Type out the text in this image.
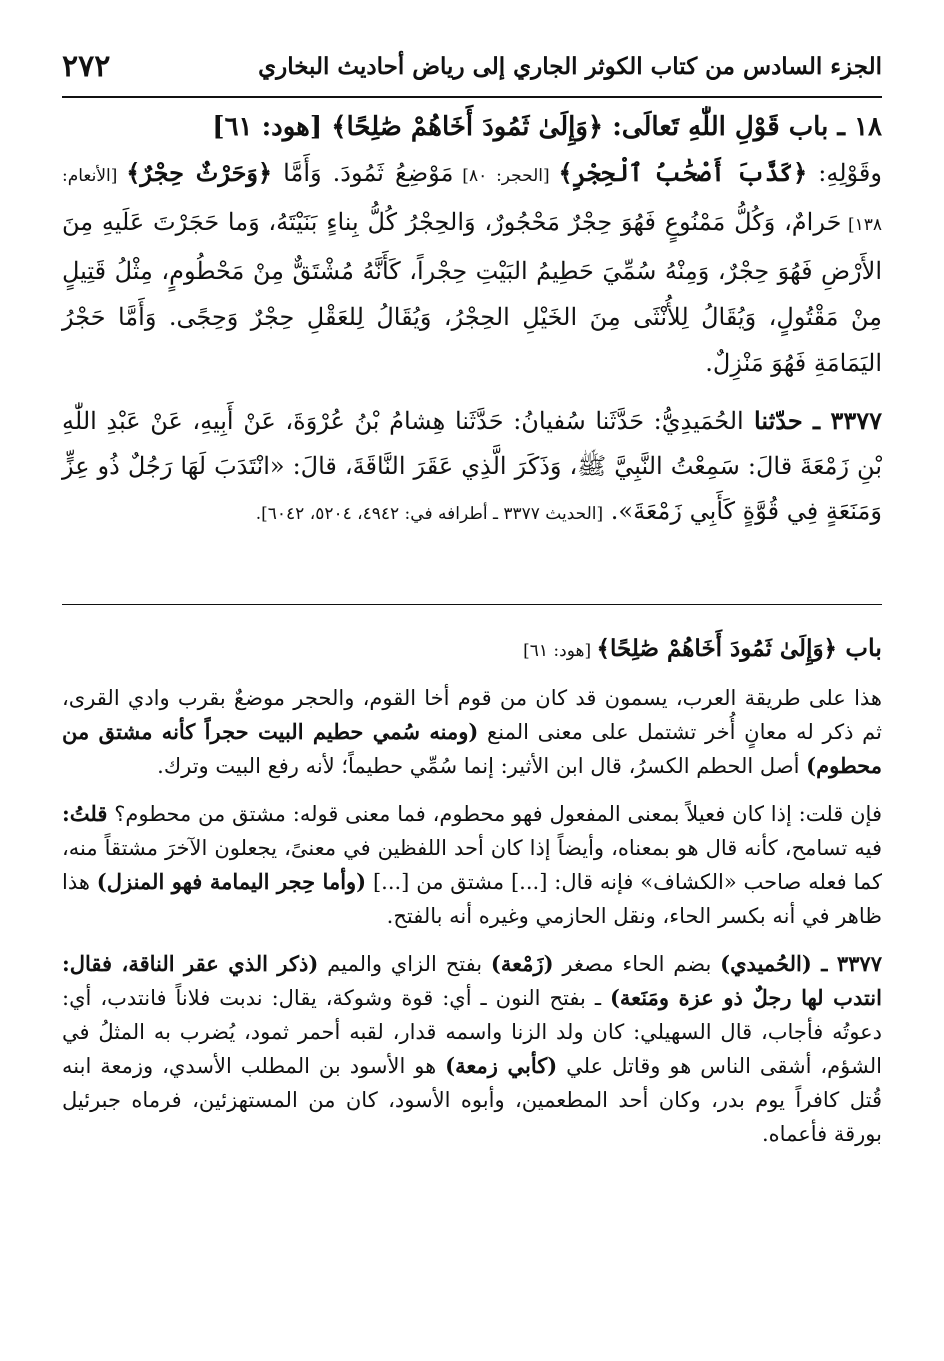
الجزء السادس من كتاب الكوثر الجاري إلى رياض أحاديث البخاري
٢٧٢

١٨ ـ باب قَوْلِ اللّٰهِ تَعالَى: ﴿وَإِلَىٰ ثَمُودَ أَخَاهُمْ صَٰلِحًا﴾ [هود: ٦١]

وقَوْلِهِ: ﴿كَذَّبَ أَصْحَٰبُ ٱلْحِجْرِ﴾ [الحجر: ٨٠] مَوْضِعُ ثَمُودَ. وَأَمَّا ﴿وَحَرْثٌ حِجْرٌ﴾ [الأنعام: ١٣٨] حَرامٌ، وَكُلُّ مَمْنُوعٍ فَهُوَ حِجْرٌ مَحْجُورٌ، وَالحِجْرُ كُلُّ بِناءٍ بَنَيْتَهُ، وَما حَجَرْتَ عَلَيهِ مِنَ الأَرْضِ فَهُوَ حِجْرٌ، وَمِنْهُ سُمِّيَ حَطِيمُ البَيْتِ حِجْراً، كَأَنَّهُ مُشْتَقٌّ مِنْ مَحْطُومٍ، مِثْلُ قَتِيلٍ مِنْ مَقْتُولٍ، وَيُقَالُ لِلأُنْثَى مِنَ الخَيْلِ الحِجْرُ، وَيُقَالُ لِلعَقْلِ حِجْرٌ وَحِجًى. وَأَمَّا حَجْرُ اليَمَامَةِ فَهُوَ مَنْزِلٌ.

٣٣٧٧ ـ حدّثنا الحُمَيدِيُّ: حَدَّثَنا سُفيانُ: حَدَّثَنا هِشامُ بْنُ عُرْوَةَ، عَنْ أَبِيهِ، عَنْ عَبْدِ اللّٰهِ بْنِ زَمْعَةَ قالَ: سَمِعْتُ النَّبِيَّ ﷺ، وَذَكَرَ الَّذِي عَقَرَ النَّاقَةَ، قالَ: «انْتَدَبَ لَهَا رَجُلٌ ذُو عِزٍّ وَمَنَعَةٍ فِي قُوَّةٍ كَأَبِي زَمْعَةَ». [الحديث ٣٣٧٧ ـ أطرافه في: ٤٩٤٢، ٥٢٠٤، ٦٠٤٢].

باب ﴿وَإِلَىٰ ثَمُودَ أَخَاهُمْ صَٰلِحًا﴾ [هود: ٦١]

هذا على طريقة العرب، يسمون قد كان من قوم أخا القوم، والحجر موضعٌ بقرب وادي القرى، ثم ذكر له معانٍ أُخر تشتمل على معنى المنع (ومنه سُمي حطيم البيت حجراً كأنه مشتق من محطوم) أصل الحطم الكسرُ، قال ابن الأثير: إنما سُمِّي حطيماً؛ لأنه رفع البيت وترك.

فإن قلت: إذا كان فعيلاً بمعنى المفعول فهو محطوم، فما معنى قوله: مشتق من محطوم؟ قلتُ: فيه تسامح، كأنه قال هو بمعناه، وأيضاً إذا كان أحد اللفظين في معنىً، يجعلون الآخرَ مشتقاً منه، كما فعله صاحب «الكشاف» فإنه قال: [...] مشتق من [...] (وأما حِجر اليمامة فهو المنزل) هذا ظاهر في أنه بكسر الحاء، ونقل الحازمي وغيره أنه بالفتح.

٣٣٧٧ ـ (الحُميدي) بضم الحاء مصغر (زَمْعة) بفتح الزاي والميم (ذكر الذي عقر الناقة، فقال: انتدب لها رجلٌ ذو عزة ومَنَعة) ـ بفتح النون ـ أي: قوة وشوكة، يقال: ندبت فلاناً فانتدب، أي: دعوتُه فأجاب، قال السهيلي: كان ولد الزنا واسمه قدار، لقبه أحمر ثمود، يُضرب به المثلُ في الشؤم، أشقى الناس هو وقاتل علي (كأبي زمعة) هو الأسود بن المطلب الأسدي، وزمعة ابنه قُتل كافراً يوم بدر، وكان أحد المطعمين، وأبوه الأسود، كان من المستهزئين، فرماه جبرئيل بورقة فأعماه.
